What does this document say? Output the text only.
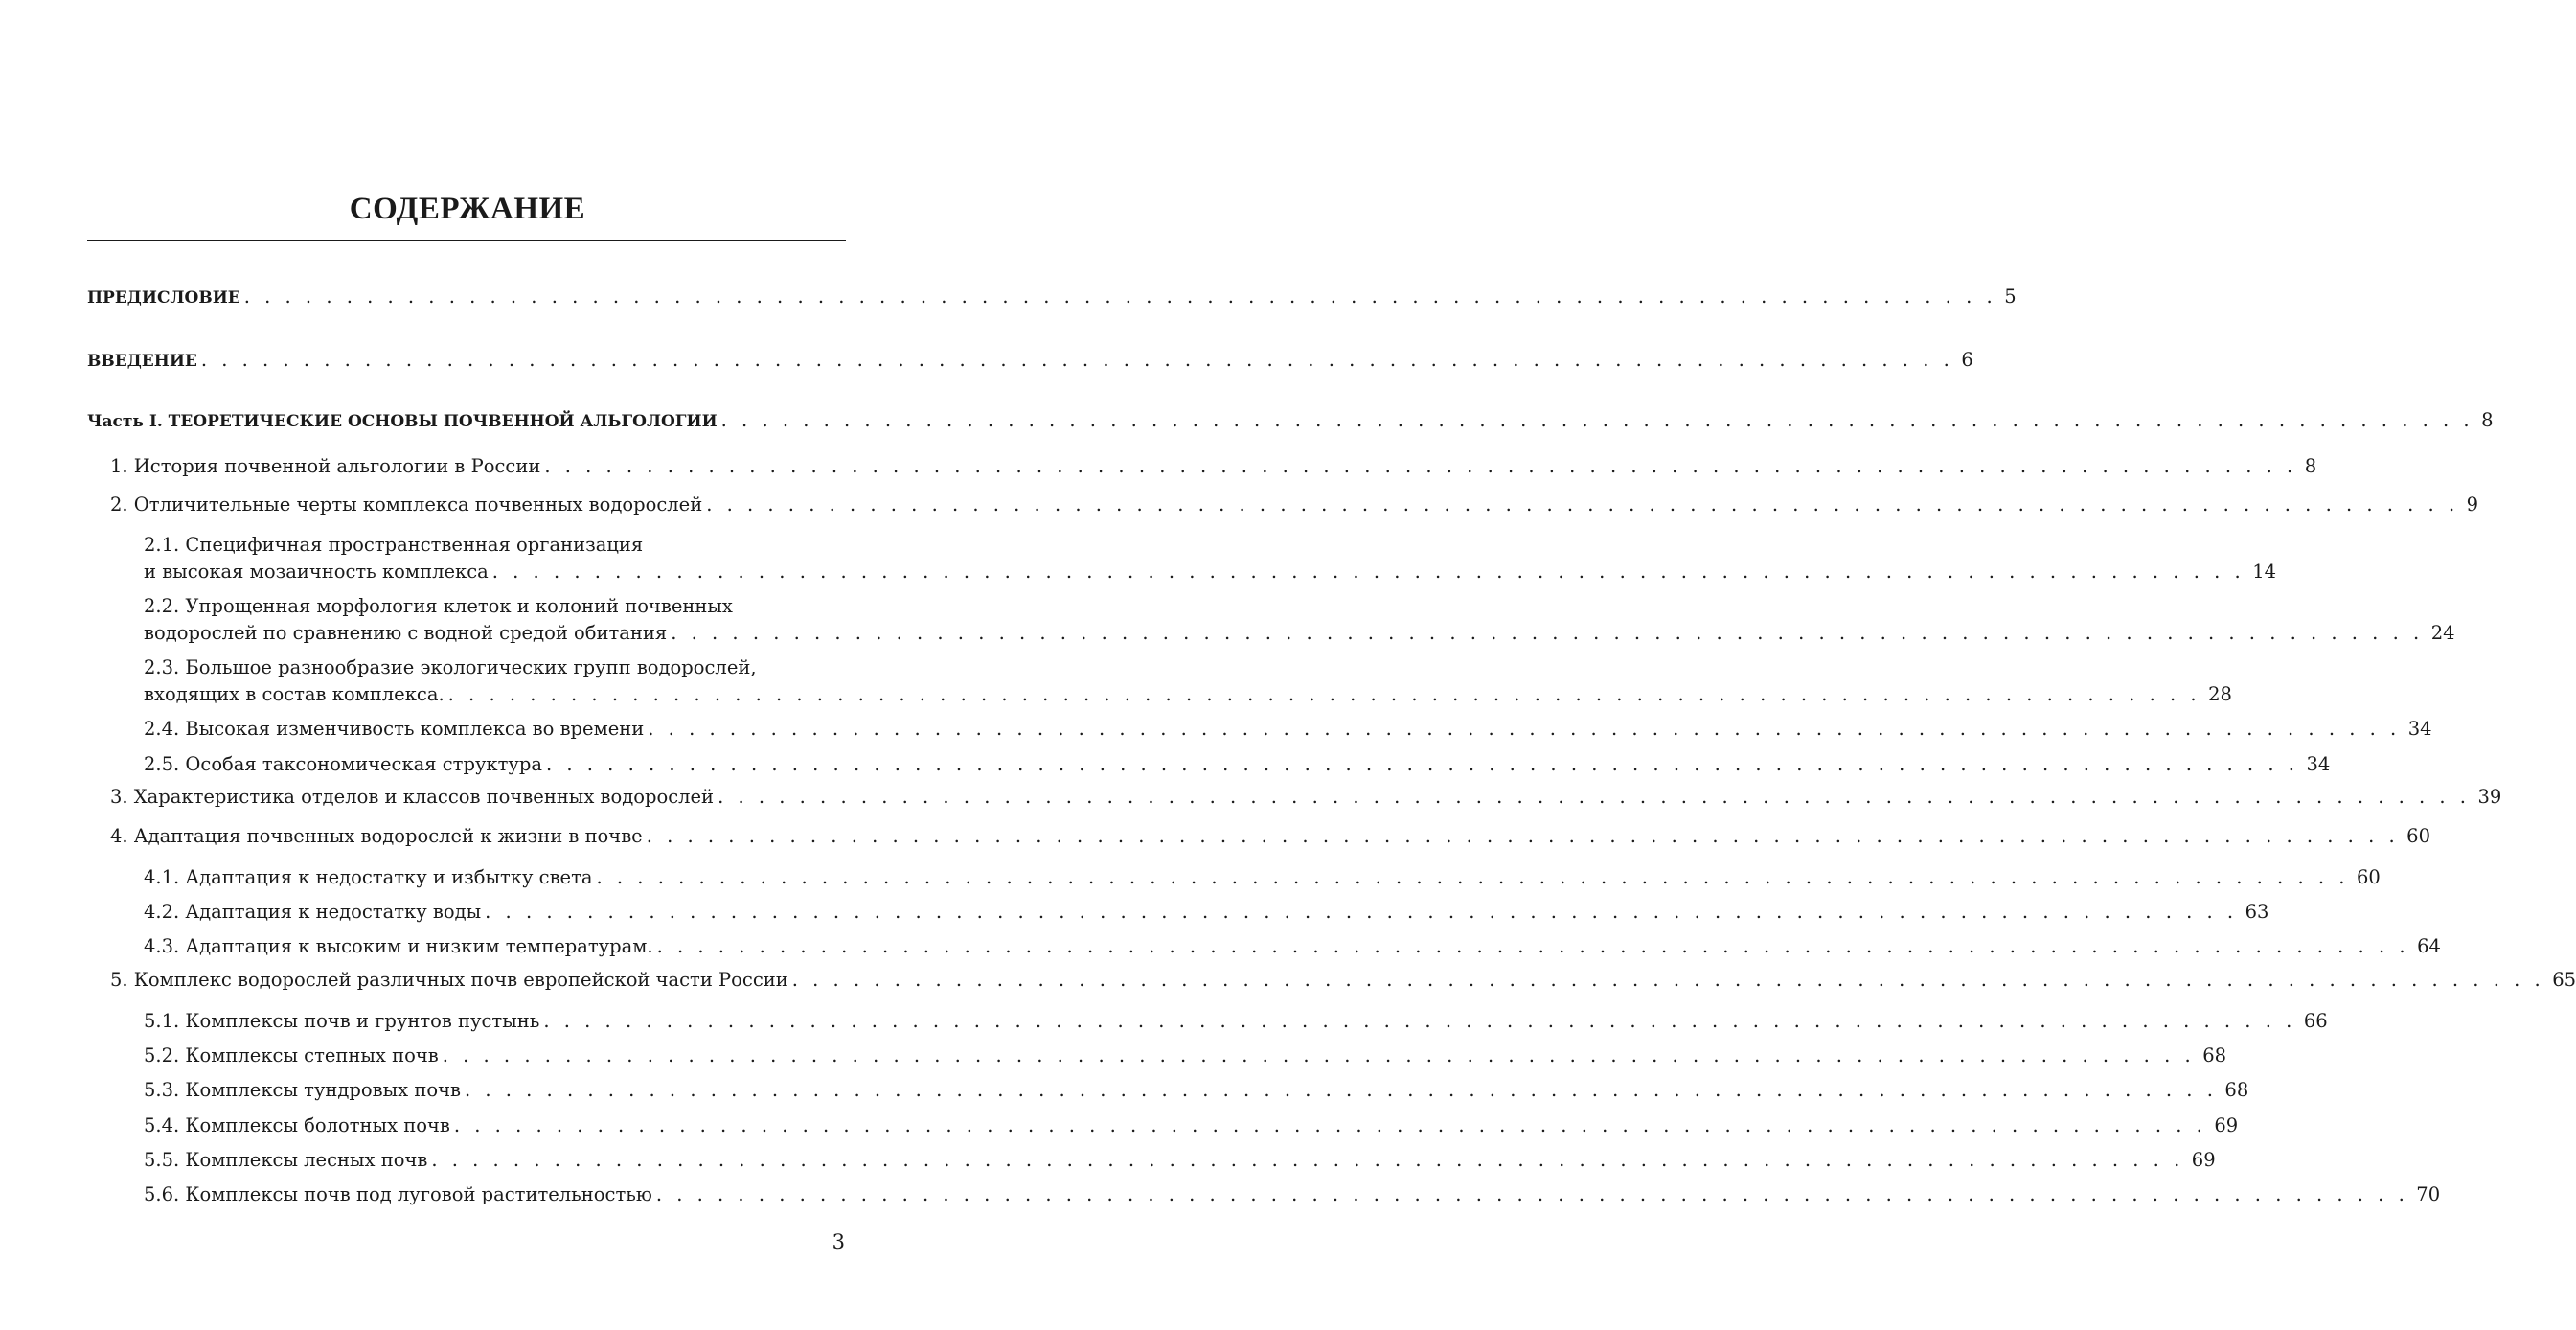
СОДЕРЖАНИЕ
ПРЕДИСЛОВИЕ . . . . . . . . . . . . . . . . . . . . . . . . . . . . . . . . . . . . . . . . . . . . . . . . . . . . . . . . . . . . . . . . . . . . . . . . . . . . . . . . . . . . . . 5
ВВЕДЕНИЕ . . . . . . . . . . . . . . . . . . . . . . . . . . . . . . . . . . . . . . . . . . . . . . . . . . . . . . . . . . . . . . . . . . . . . . . . . . . . . . . . . . . . . . 6
Часть I. ТЕОРЕТИЧЕСКИЕ ОСНОВЫ ПОЧВЕННОЙ АЛЬГОЛОГИИ . . . . . . . . . . . . . . . . . . . . . . . . . . . . . . . . . . . . . . . . . . . . . . . . . . . . . . . . . . . . . . . . . . . . . . . . . . . . . . . . . . . . . . 8
1. История почвенной альгологии в России . . . . . . . . . . . . . . . . . . . . . . . . . . . . . . . . . . . . . . . . . . . . . . . . . . . . . . . . . . . . . . . . . . . . . . . . . . . . . . . . . . . . . . 8
2. Отличительные черты комплекса почвенных водорослей . . . . . . . . . . . . . . . . . . . . . . . . . . . . . . . . . . . . . . . . . . . . . . . . . . . . . . . . . . . . . . . . . . . . . . . . . . . . . . . . . . . . . . 9
2.1. Специфичная пространственная организация
и высокая мозаичность комплекса . . . . . . . . . . . . . . . . . . . . . . . . . . . . . . . . . . . . . . . . . . . . . . . . . . . . . . . . . . . . . . . . . . . . . . . . . . . . . . . . . . . . . . 14
2.2. Упрощенная морфология клеток и колоний почвенных
водорослей по сравнению с водной средой обитания . . . . . . . . . . . . . . . . . . . . . . . . . . . . . . . . . . . . . . . . . . . . . . . . . . . . . . . . . . . . . . . . . . . . . . . . . . . . . . . . . . . . . . 24
2.3. Большое разнообразие экологических групп водорослей,
входящих в состав комплекса. . . . . . . . . . . . . . . . . . . . . . . . . . . . . . . . . . . . . . . . . . . . . . . . . . . . . . . . . . . . . . . . . . . . . . . . . . . . . . . . . . . . . . . 28
2.4. Высокая изменчивость комплекса во времени . . . . . . . . . . . . . . . . . . . . . . . . . . . . . . . . . . . . . . . . . . . . . . . . . . . . . . . . . . . . . . . . . . . . . . . . . . . . . . . . . . . . . . 34
2.5. Особая таксономическая структура . . . . . . . . . . . . . . . . . . . . . . . . . . . . . . . . . . . . . . . . . . . . . . . . . . . . . . . . . . . . . . . . . . . . . . . . . . . . . . . . . . . . . . 34
3. Характеристика отделов и классов почвенных водорослей . . . . . . . . . . . . . . . . . . . . . . . . . . . . . . . . . . . . . . . . . . . . . . . . . . . . . . . . . . . . . . . . . . . . . . . . . . . . . . . . . . . . . . 39
4. Адаптация почвенных водорослей к жизни в почве . . . . . . . . . . . . . . . . . . . . . . . . . . . . . . . . . . . . . . . . . . . . . . . . . . . . . . . . . . . . . . . . . . . . . . . . . . . . . . . . . . . . . . 60
4.1. Адаптация к недостатку и избытку света . . . . . . . . . . . . . . . . . . . . . . . . . . . . . . . . . . . . . . . . . . . . . . . . . . . . . . . . . . . . . . . . . . . . . . . . . . . . . . . . . . . . . . 60
4.2. Адаптация к недостатку воды . . . . . . . . . . . . . . . . . . . . . . . . . . . . . . . . . . . . . . . . . . . . . . . . . . . . . . . . . . . . . . . . . . . . . . . . . . . . . . . . . . . . . . 63
4.3. Адаптация к высоким и низким температурам. . . . . . . . . . . . . . . . . . . . . . . . . . . . . . . . . . . . . . . . . . . . . . . . . . . . . . . . . . . . . . . . . . . . . . . . . . . . . . . . . . . . . . . 64
5. Комплекс водорослей различных почв европейской части России . . . . . . . . . . . . . . . . . . . . . . . . . . . . . . . . . . . . . . . . . . . . . . . . . . . . . . . . . . . . . . . . . . . . . . . . . . . . . . . . . . . . . . 65
5.1. Комплексы почв и грунтов пустынь . . . . . . . . . . . . . . . . . . . . . . . . . . . . . . . . . . . . . . . . . . . . . . . . . . . . . . . . . . . . . . . . . . . . . . . . . . . . . . . . . . . . . . 66
5.2. Комплексы степных почв . . . . . . . . . . . . . . . . . . . . . . . . . . . . . . . . . . . . . . . . . . . . . . . . . . . . . . . . . . . . . . . . . . . . . . . . . . . . . . . . . . . . . . 68
5.3. Комплексы тундровых почв . . . . . . . . . . . . . . . . . . . . . . . . . . . . . . . . . . . . . . . . . . . . . . . . . . . . . . . . . . . . . . . . . . . . . . . . . . . . . . . . . . . . . . 68
5.4. Комплексы болотных почв . . . . . . . . . . . . . . . . . . . . . . . . . . . . . . . . . . . . . . . . . . . . . . . . . . . . . . . . . . . . . . . . . . . . . . . . . . . . . . . . . . . . . . 69
5.5. Комплексы лесных почв . . . . . . . . . . . . . . . . . . . . . . . . . . . . . . . . . . . . . . . . . . . . . . . . . . . . . . . . . . . . . . . . . . . . . . . . . . . . . . . . . . . . . . 69
5.6. Комплексы почв под луговой растительностью . . . . . . . . . . . . . . . . . . . . . . . . . . . . . . . . . . . . . . . . . . . . . . . . . . . . . . . . . . . . . . . . . . . . . . . . . . . . . . . . . . . . . . 70
3
